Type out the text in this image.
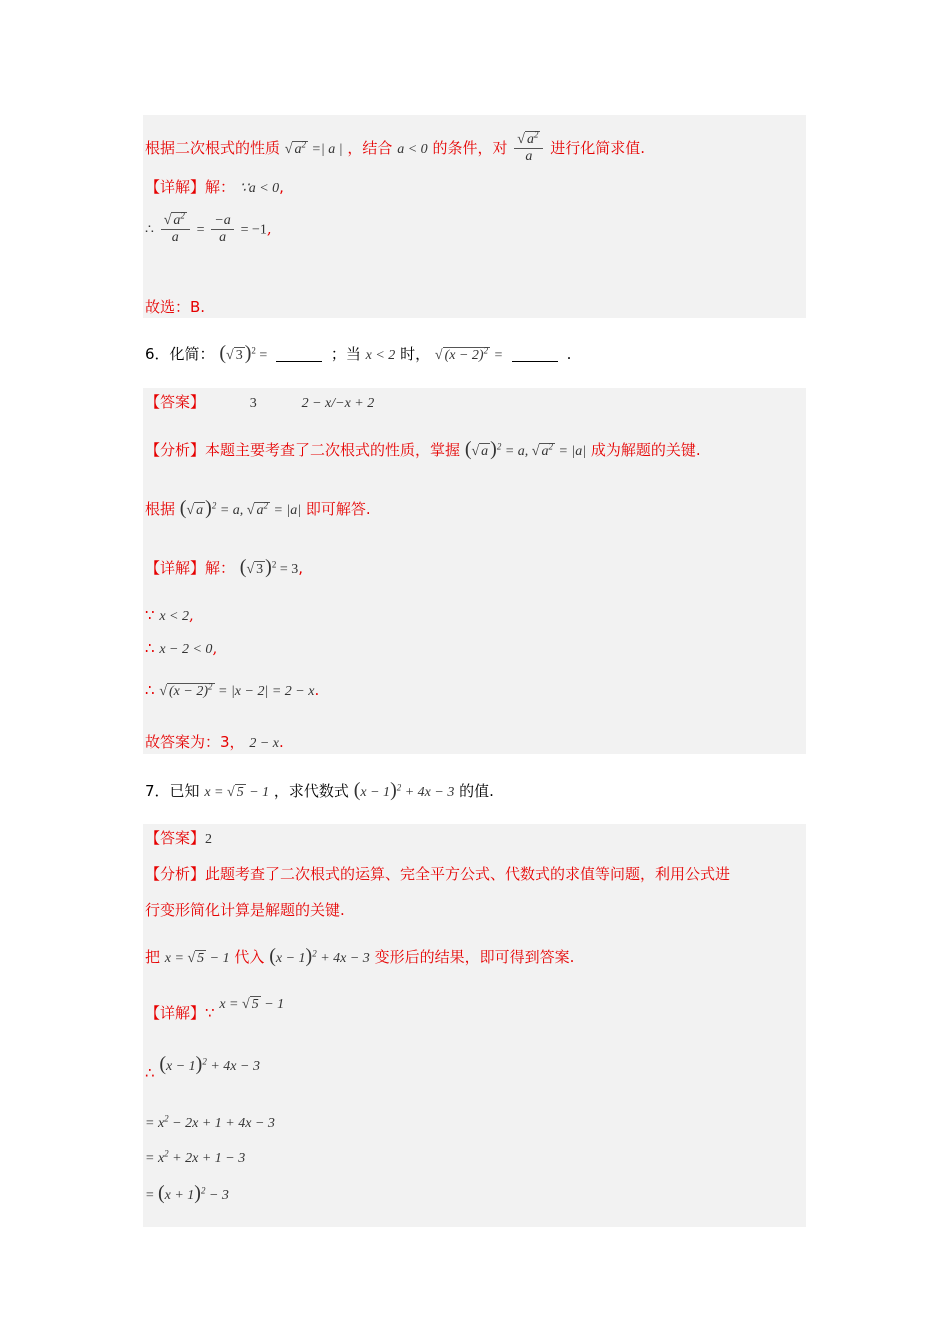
根据二次根式的性质 √ $a^2$ =| a | ，结合 a < 0 的条件，对 $\frac{√ a^2}{a}$ 进行化简求值.
【详解】解： ∵a < 0,
∴ $\frac{√ a^2}{a} = \frac{-a}{a} = -1$,
故选：B.
6．化简： (√ 3 )$^2$ =	；当 x < 2 时， √ $(x - 2)^2$ =	.
【答案】	3	2 − x/−x + 2
【分析】本题主要考查了二次根式的性质，掌握 (√ a )$^2$ = a, √ $a^2 = |a|$ 成为解题的关键.
根据 (√ a )$^2$ = a, √ $a^2 = |a|$ 即可解答.
【详解】解： (√ 3 )$^2$ = 3,
∵ x < 2,
∴ x − 2 < 0,
∴ √ $(x - 2)^2 = |x - 2| = 2 - x$.
故答案为：3， 2 − x.
7．已知 x = √ 5 − 1 ，求代数式 $(x - 1)^2 + 4x - 3$ 的值.
【答案】2
【分析】此题考查了二次根式的运算、完全平方公式、代数式的求值等问题，利用公式进
行变形简化计算是解题的关键.
把 x = √ 5 − 1 代入 $(x - 1)^2 + 4x - 3$ 变形后的结果，即可得到答案.
【详解】∵ x = √ 5 − 1
∴ $(x - 1)^2 + 4x - 3$
= $x^2 - 2x + 1 + 4x - 3$
= $x^2 + 2x + 1 - 3$
= $(x + 1)^2 - 3$
